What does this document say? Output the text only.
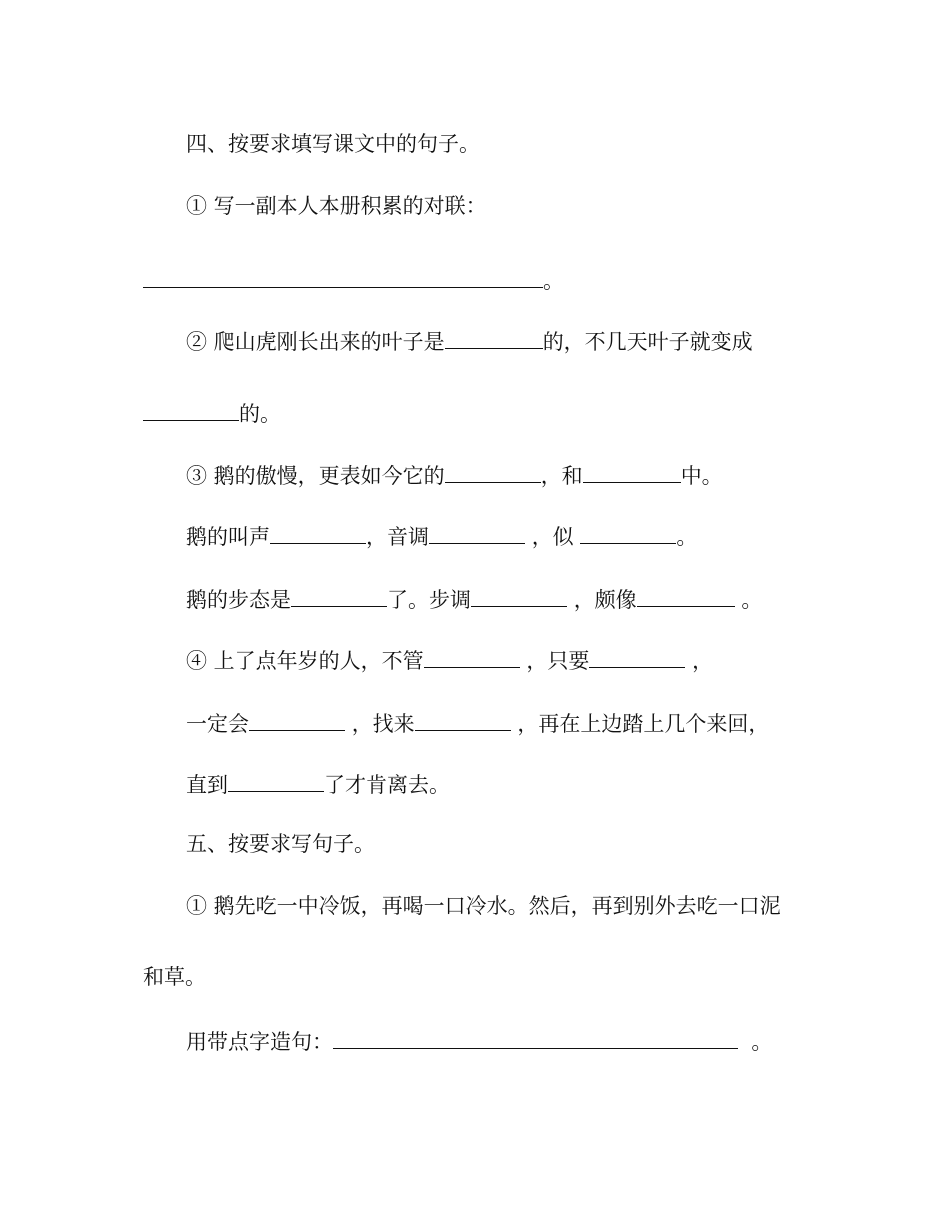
四、按要求填写课文中的句子。
① 写一副本人本册积累的对联：
。
② 爬山虎刚长出来的叶子是	的，不几天叶子就变成
的。
③ 鹅的傲慢，更表如今它的	，和	中。
鹅的叫声	，音调	，似	。
鹅的步态是	了。步调	，颇像	。
④ 上了点年岁的人，不管	，只要	，
一定会	，找来	，再在上边踏上几个来回，
直到	了才肯离去。
五、按要求写句子。
① 鹅先吃一中冷饭，再喝一口冷水。然后，再到别外去吃一口泥
和草。
用带点字造句：	。
